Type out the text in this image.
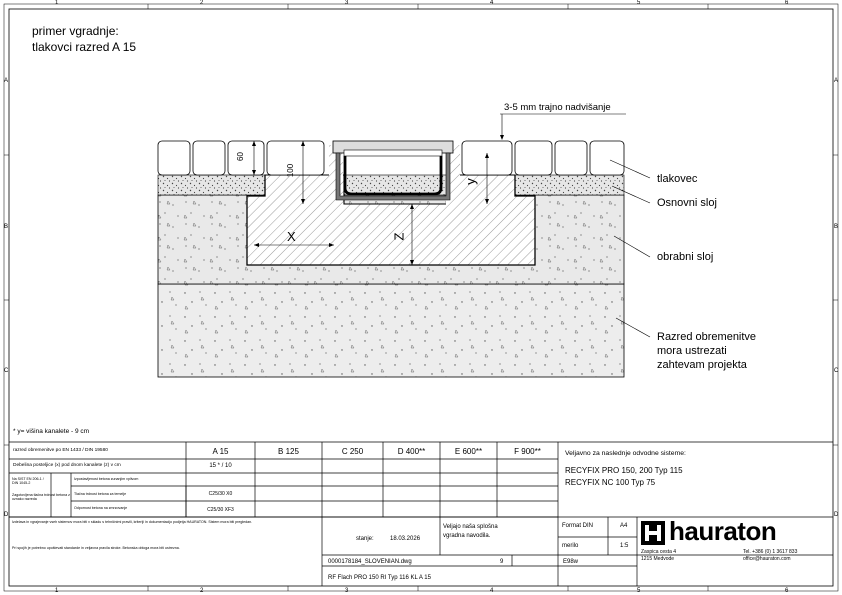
1	2	3	4	5	6
1	2	3	4	5	6
A
B
C
D
A
B
C
D
primer vgradnje:
tlakovci razred A 15
60
100
y
X	Z
3-5 mm trajno nadvišanje
tlakovec
Osnovni sloj
obrabni sloj
Razred obremenitve
mora ustrezati
zahtevam projekta
* y= višina kanalete - 9 cm
razred obremenitve po EN 1433 / DIN 19580	A 15	B 125	C 250	D 400**	E 600**	F 900**
Debelina posteljice (x) pod dnom kanalete (z) v cm	15 * / 10
Na SIST EN 206-1 / DIN 1045-2
Zagotovljena tlačna trdnost betona z oznako razreda
Izpostavljenost betona zunanjim vplivom
Tlačna trdnost betona za temelje	C25/30 X0
Odpornost betona na zmrzovanje	C25/30 XF3
Izdelava in vgrajevanje vseh sistemov mora biti v skladu s tehničnimi pravili, kriteriji in dokumentacijo podjetja HAURATON. Sistem mora biti pregledan.
Pri spojih je potrebno upoštevati standarde in veljavna pravila stroke. Betonska obloga mora biti ustrezna.
Veljavno za naslednje odvodne sisteme:
RECYFIX PRO 150, 200 Typ 115
RECYFIX NC 100 Typ 75
stanje:	18.03.2026
Veljajo naša splošna vgradna navodila.
Format DIN	A4
merilo	1:5
0000178184_SLOVENIAN.dwg	9	E98w
RF Flach PRO 150 RI Typ 116 KL A 15
hauraton
Zaspica cesta 4
1215 Medvode
Tel. +386 (0) 1 3617 833
office@hauraton.com
